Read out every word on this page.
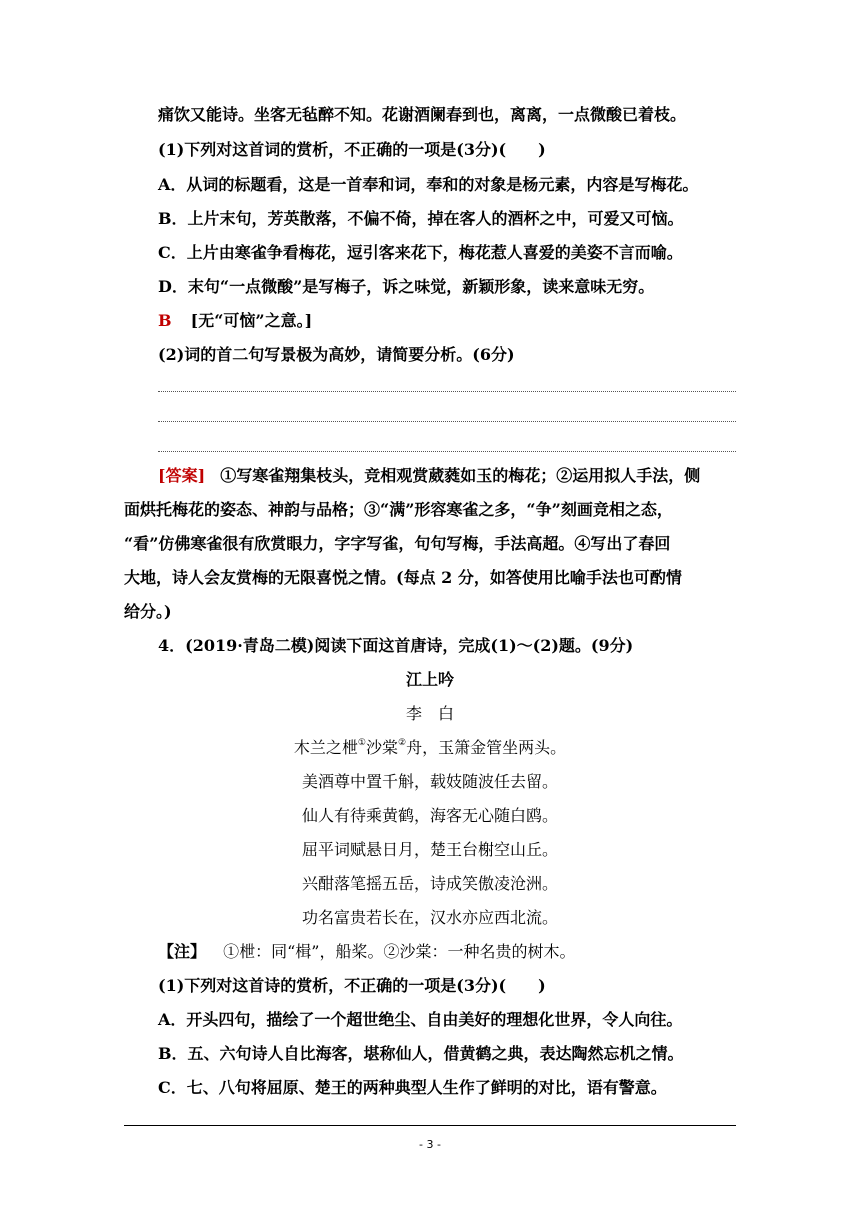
痛饮又能诗。坐客无毡醉不知。花谢酒阑春到也，离离，一点微酸已着枝。
(1)下列对这首词的赏析，不正确的一项是(3分)(　　)
A．从词的标题看，这是一首奉和词，奉和的对象是杨元素，内容是写梅花。
B．上片末句，芳英散落，不偏不倚，掉在客人的酒杯之中，可爱又可恼。
C．上片由寒雀争看梅花，逗引客来花下，梅花惹人喜爱的美姿不言而喻。
D．末句“一点微酸”是写梅子，诉之味觉，新颖形象，读来意味无穷。
B [无“可恼”之意。]
(2)词的首二句写景极为高妙，请简要分析。(6分)
[答案] ①写寒雀翔集枝头，竞相观赏葳蕤如玉的梅花；②运用拟人手法，侧
面烘托梅花的姿态、神韵与品格；③“满”形容寒雀之多，“争”刻画竞相之态，
“看”仿佛寒雀很有欣赏眼力，字字写雀，句句写梅，手法高超。④写出了春回
大地，诗人会友赏梅的无限喜悦之情。(每点 2 分，如答使用比喻手法也可酌情
给分。)
4．(2019·青岛二模)阅读下面这首唐诗，完成(1)～(2)题。(9分)
江上吟
李　白
木兰之枻①沙棠②舟，玉箫金管坐两头。
美酒尊中置千斛，载妓随波任去留。
仙人有待乘黄鹤，海客无心随白鸥。
屈平词赋悬日月，楚王台榭空山丘。
兴酣落笔摇五岳，诗成笑傲凌沧洲。
功名富贵若长在，汉水亦应西北流。
【注】 ①枻：同“楫”，船桨。②沙棠：一种名贵的树木。
(1)下列对这首诗的赏析，不正确的一项是(3分)(　　)
A．开头四句，描绘了一个超世绝尘、自由美好的理想化世界，令人向往。
B．五、六句诗人自比海客，堪称仙人，借黄鹤之典，表达陶然忘机之情。
C．七、八句将屈原、楚王的两种典型人生作了鲜明的对比，语有警意。
- 3 -
